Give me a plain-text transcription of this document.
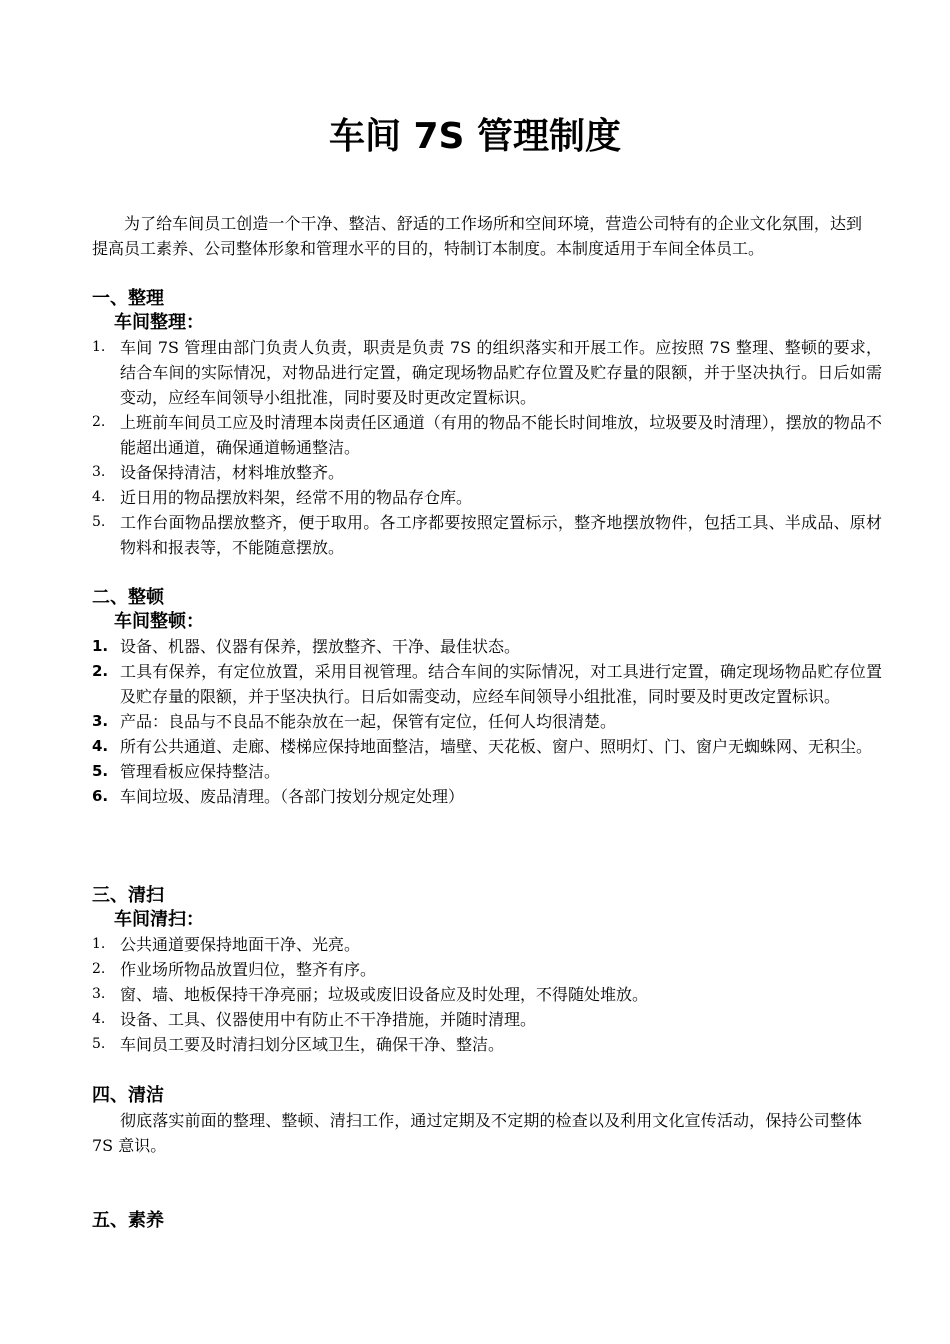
车间 7S 管理制度
为了给车间员工创造一个干净、整洁、舒适的工作场所和空间环境，营造公司特有的企业文化氛围，达到提高员工素养、公司整体形象和管理水平的目的，特制订本制度。本制度适用于车间全体员工。
一、整理
车间整理：
1. 车间 7S 管理由部门负责人负责，职责是负责 7S 的组织落实和开展工作。应按照 7S 整理、整顿的要求，结合车间的实际情况，对物品进行定置，确定现场物品贮存位置及贮存量的限额，并于坚决执行。日后如需变动，应经车间领导小组批准，同时要及时更改定置标识。
2. 上班前车间员工应及时清理本岗责任区通道（有用的物品不能长时间堆放，垃圾要及时清理），摆放的物品不能超出通道，确保通道畅通整洁。
3. 设备保持清洁，材料堆放整齐。
4. 近日用的物品摆放料架，经常不用的物品存仓库。
5. 工作台面物品摆放整齐，便于取用。各工序都要按照定置标示，整齐地摆放物件，包括工具、半成品、原材物料和报表等，不能随意摆放。
二、整顿
车间整顿：
1. 设备、机器、仪器有保养，摆放整齐、干净、最佳状态。
2. 工具有保养，有定位放置，采用目视管理。结合车间的实际情况，对工具进行定置，确定现场物品贮存位置及贮存量的限额，并于坚决执行。日后如需变动，应经车间领导小组批准，同时要及时更改定置标识。
3. 产品：良品与不良品不能杂放在一起，保管有定位，任何人均很清楚。
4. 所有公共通道、走廊、楼梯应保持地面整洁，墙壁、天花板、窗户、照明灯、门、窗户无蜘蛛网、无积尘。
5. 管理看板应保持整洁。
6. 车间垃圾、废品清理。（各部门按划分规定处理）
三、清扫
车间清扫：
1. 公共通道要保持地面干净、光亮。
2. 作业场所物品放置归位，整齐有序。
3. 窗、墙、地板保持干净亮丽；垃圾或废旧设备应及时处理，不得随处堆放。
4. 设备、工具、仪器使用中有防止不干净措施，并随时清理。
5. 车间员工要及时清扫划分区域卫生，确保干净、整洁。
四、清洁
彻底落实前面的整理、整顿、清扫工作，通过定期及不定期的检查以及利用文化宣传活动，保持公司整体 7S 意识。
五、素养
